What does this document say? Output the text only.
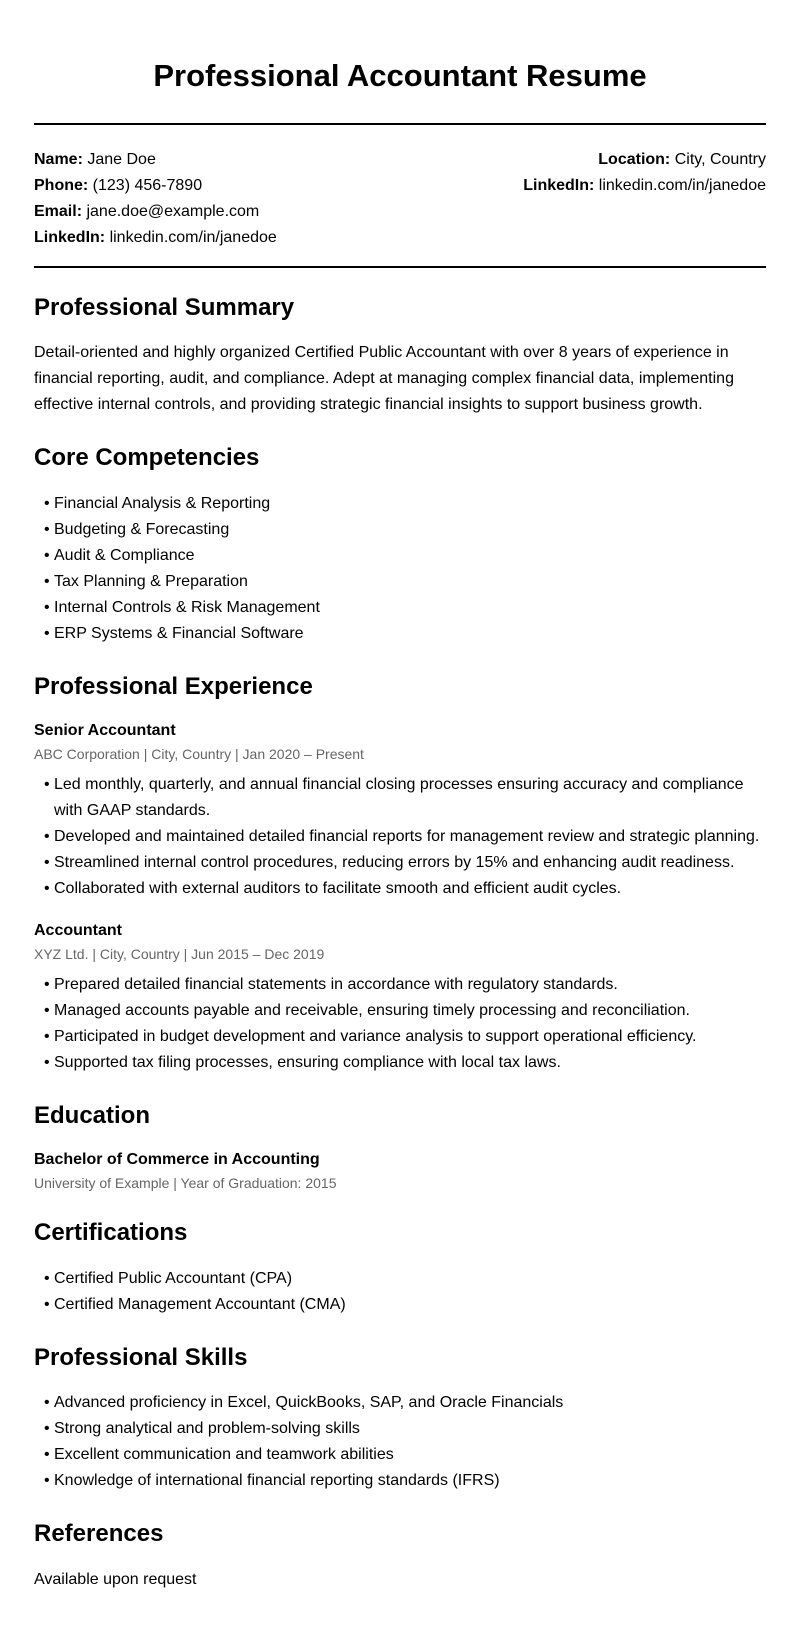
Professional Accountant Resume
Name: Jane Doe
Phone: (123) 456-7890
Email: jane.doe@example.com
LinkedIn: linkedin.com/in/janedoe
Location: City, Country
LinkedIn: linkedin.com/in/janedoe
Professional Summary

Detail-oriented and highly organized Certified Public Accountant with over 8 years of experience in financial reporting, audit, and compliance. Adept at managing complex financial data, implementing effective internal controls, and providing strategic financial insights to support business growth.

Core Competencies
• Financial Analysis & Reporting
• Budgeting & Forecasting
• Audit & Compliance
• Tax Planning & Preparation
• Internal Controls & Risk Management
• ERP Systems & Financial Software
Professional Experience
Senior Accountant
ABC Corporation | City, Country | Jan 2020 – Present
• Led monthly, quarterly, and annual financial closing processes ensuring accuracy and compliance with GAAP standards.
• Developed and maintained detailed financial reports for management review and strategic planning.
• Streamlined internal control procedures, reducing errors by 15% and enhancing audit readiness.
• Collaborated with external auditors to facilitate smooth and efficient audit cycles.
Accountant
XYZ Ltd. | City, Country | Jun 2015 – Dec 2019
• Prepared detailed financial statements in accordance with regulatory standards.
• Managed accounts payable and receivable, ensuring timely processing and reconciliation.
• Participated in budget development and variance analysis to support operational efficiency.
• Supported tax filing processes, ensuring compliance with local tax laws.
Education
Bachelor of Commerce in Accounting
University of Example | Year of Graduation: 2015
Certifications
• Certified Public Accountant (CPA)
• Certified Management Accountant (CMA)
Professional Skills
• Advanced proficiency in Excel, QuickBooks, SAP, and Oracle Financials
• Strong analytical and problem-solving skills
• Excellent communication and teamwork abilities
• Knowledge of international financial reporting standards (IFRS)
References

Available upon request
